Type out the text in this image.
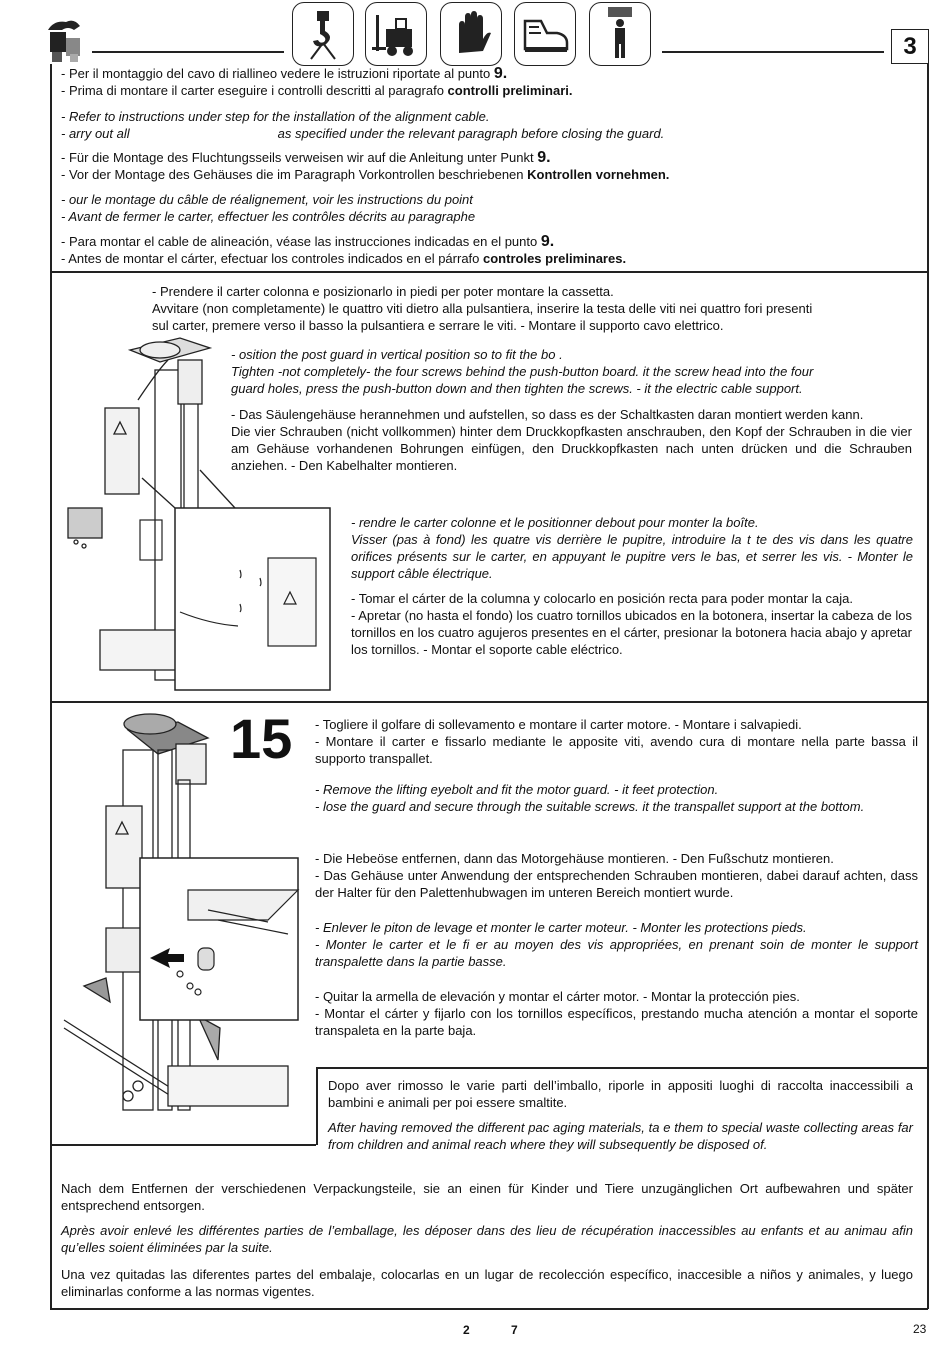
3
- Per il montaggio del cavo di riallineo vedere le istruzioni riportate al punto 9.
- Prima di montare il carter eseguire i controlli descritti al paragrafo controlli preliminari.
- Refer to instructions under step for the installation of the alignment cable.
- arry out all	as specified under the relevant paragraph before closing the guard.
- Für die Montage des Fluchtungsseils verweisen wir auf die Anleitung unter Punkt 9.
- Vor der Montage des Gehäuses die im Paragraph Vorkontrollen beschriebenen Kontrollen vornehmen.
- our le montage du câble de réalignement, voir les instructions du point
- Avant de fermer le carter, effectuer les contrôles décrits au paragraphe
- Para montar el cable de alineación, véase las instrucciones indicadas en el punto 9.
- Antes de montar el cárter, efectuar los controles indicados en el párrafo controles preliminares.
- Prendere il carter colonna e posizionarlo in piedi per poter montare la cassetta.
Avvitare (non completamente) le quattro viti dietro alla pulsantiera, inserire la testa delle viti nei quattro fori presenti
sul carter, premere verso il basso la pulsantiera e serrare le viti. - Montare il supporto cavo elettrico.
- osition the post guard in vertical position so to fit the bo .
Tighten -not completely- the four screws behind the push-button board. it the screw head into the four
guard holes, press the push-button down and then tighten the screws. - it the electric cable support.
- Das Säulengehäuse herannehmen und aufstellen, so dass es der Schaltkasten daran montiert werden kann.
Die vier Schrauben (nicht vollkommen) hinter dem Druckkopfkasten anschrauben, den Kopf der Schrauben in die vier am Gehäuse vorhandenen Bohrungen einfügen, den Druckkopfkasten nach unten drücken und die Schrauben anziehen. - Den Kabelhalter montieren.
- rendre le carter colonne et le positionner debout pour monter la boîte.
Visser (pas à fond) les quatre vis derrière le pupitre, introduire la t te des vis dans les quatre orifices présents sur le carter, en appuyant le pupitre vers le bas, et serrer les vis. - Monter le support câble électrique.
- Tomar el cárter de la columna y colocarlo en posición recta para poder montar la caja.
- Apretar (no hasta el fondo) los cuatro tornillos ubicados en la botonera, insertar la cabeza de los tornillos en los cuatro agujeros presentes en el cárter, presionar la botonera hacia abajo y apretar los tornillos. - Montar el soporte cable eléctrico.
15 - Togliere il golfare di sollevamento e montare il carter motore. - Montare i salvapiedi.
- Montare il carter e fissarlo mediante le apposite viti, avendo cura di montare nella parte bassa il supporto transpallet.
- Remove the lifting eyebolt and fit the motor guard. - it feet protection.
- lose the guard and secure through the suitable screws. it the transpallet support at the bottom.
- Die Hebeöse entfernen, dann das Motorgehäuse montieren. - Den Fußschutz montieren.
- Das Gehäuse unter Anwendung der entsprechenden Schrauben montieren, dabei darauf achten, dass der Halter für den Palettenhubwagen im unteren Bereich montiert wurde.
- Enlever le piton de levage et monter le carter moteur. - Monter les protections pieds.
- Monter le carter et le fi er au moyen des vis appropriées, en prenant soin de monter le support transpalette dans la partie basse.
- Quitar la armella de elevación y montar el cárter motor. - Montar la protección pies.
- Montar el cárter y fijarlo con los tornillos específicos, prestando mucha atención a montar el soporte transpaleta en la parte baja.
Dopo aver rimosso le varie parti dell’imballo, riporle in appositi luoghi di raccolta inaccessibili a bambini e animali per poi essere smaltite.
After having removed the different pac aging materials, ta e them to special waste collecting areas far from children and animal reach where they will subsequently be disposed of.
Nach dem Entfernen der verschiedenen Verpackungsteile, sie an einen für Kinder und Tiere unzugänglichen Ort aufbewahren und später entsprechend entsorgen.
Après avoir enlevé les différentes parties de l’emballage, les déposer dans des lieu de récupération inaccessibles au enfants et au animau afin qu’elles soient éliminées par la suite.
Una vez quitadas las diferentes partes del embalaje, colocarlas en un lugar de recolección específico, inaccesible a niños y animales, y luego eliminarlas conforme a las normas vigentes.
2	7	23
